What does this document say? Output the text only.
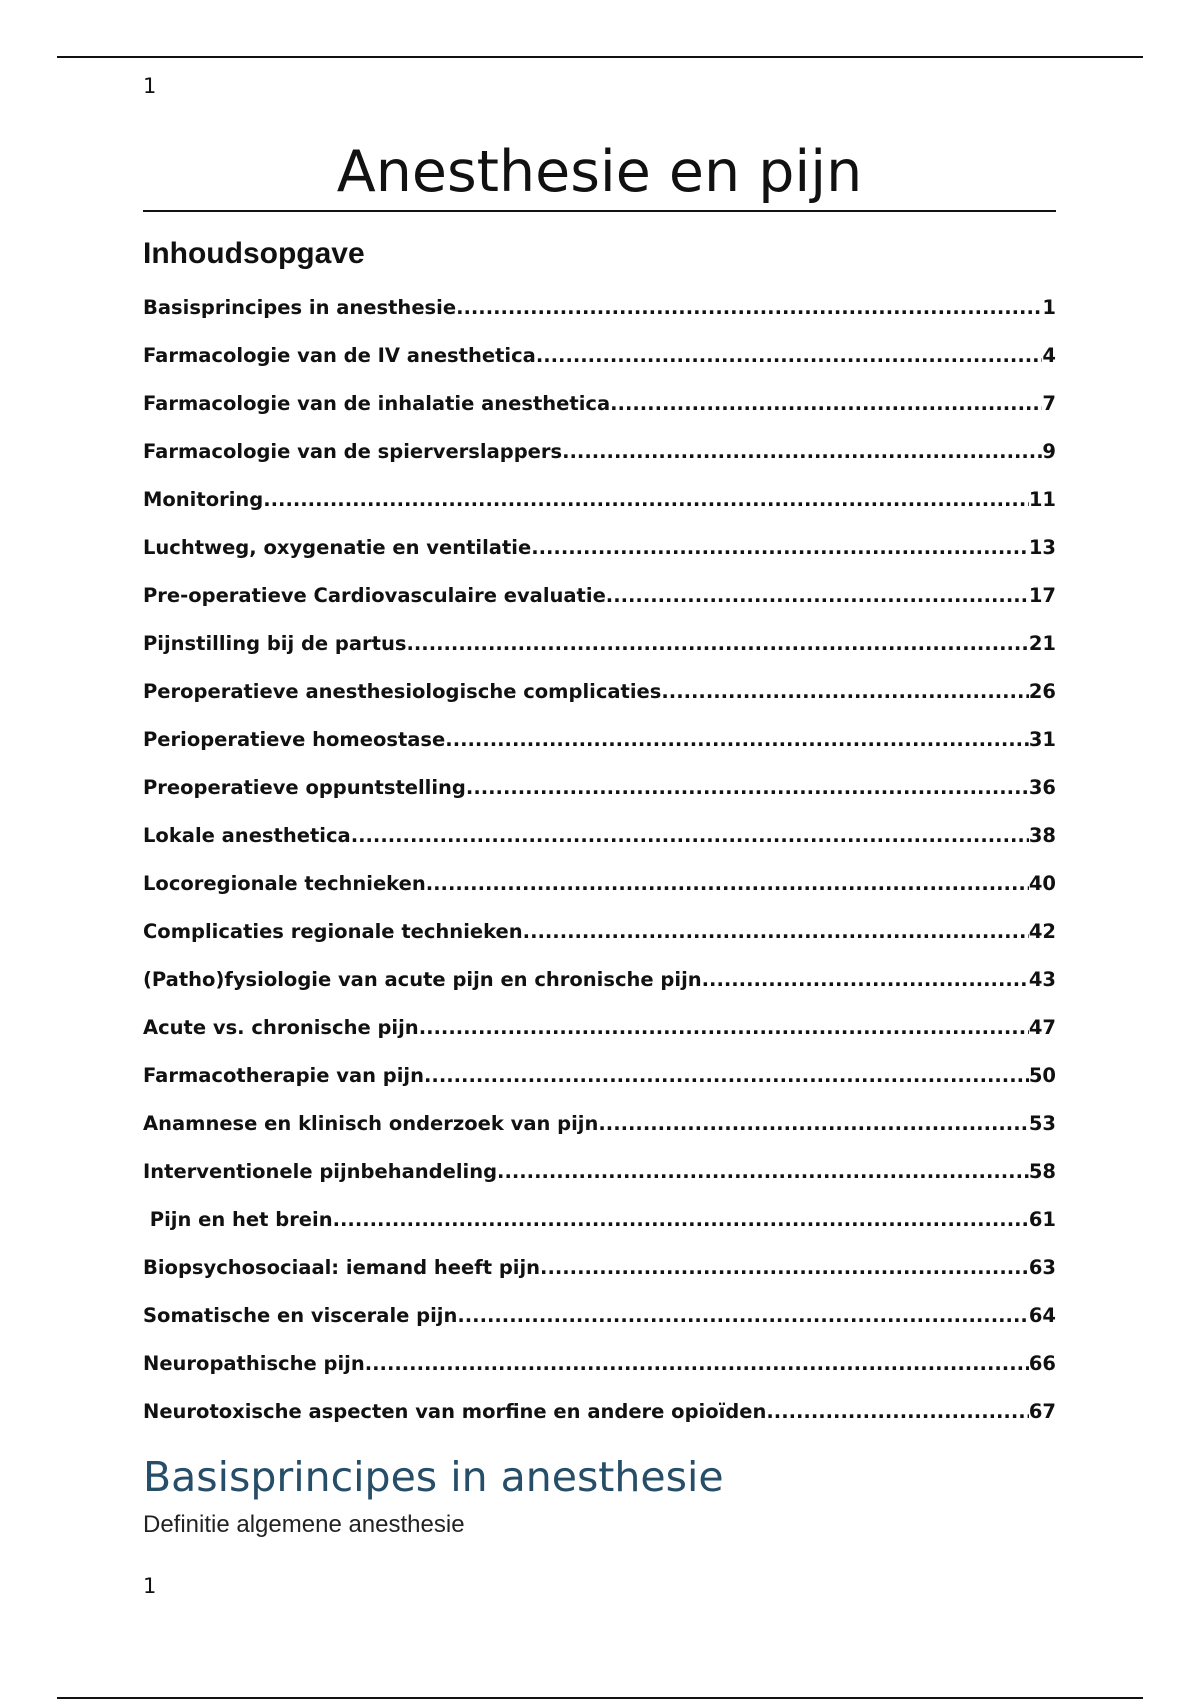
1
Anesthesie en pijn
Inhoudsopgave
Basisprincipes in anesthesie .....	1
Farmacologie van de IV anesthetica .....	4
Farmacologie van de inhalatie anesthetica .....	7
Farmacologie van de spierverslappers .....	9
Monitoring .....	11
Luchtweg, oxygenatie en ventilatie .....	13
Pre-operatieve Cardiovasculaire evaluatie .....	17
Pijnstilling bij de partus .....	21
Peroperatieve anesthesiologische complicaties .....	26
Perioperatieve homeostase .....	31
Preoperatieve oppuntstelling .....	36
Lokale anesthetica .....	38
Locoregionale technieken .....	40
Complicaties regionale technieken .....	42
(Patho)fysiologie van acute pijn en chronische pijn .....	43
Acute vs. chronische pijn .....	47
Farmacotherapie van pijn .....	50
Anamnese en klinisch onderzoek van pijn .....	53
Interventionele pijnbehandeling .....	58
Pijn en het brein .....	61
Biopsychosociaal: iemand heeft pijn .....	63
Somatische en viscerale pijn .....	64
Neuropathische pijn .....	66
Neurotoxische aspecten van morfine en andere opioïden .....	67
Basisprincipes in anesthesie
Definitie algemene anesthesie
1
